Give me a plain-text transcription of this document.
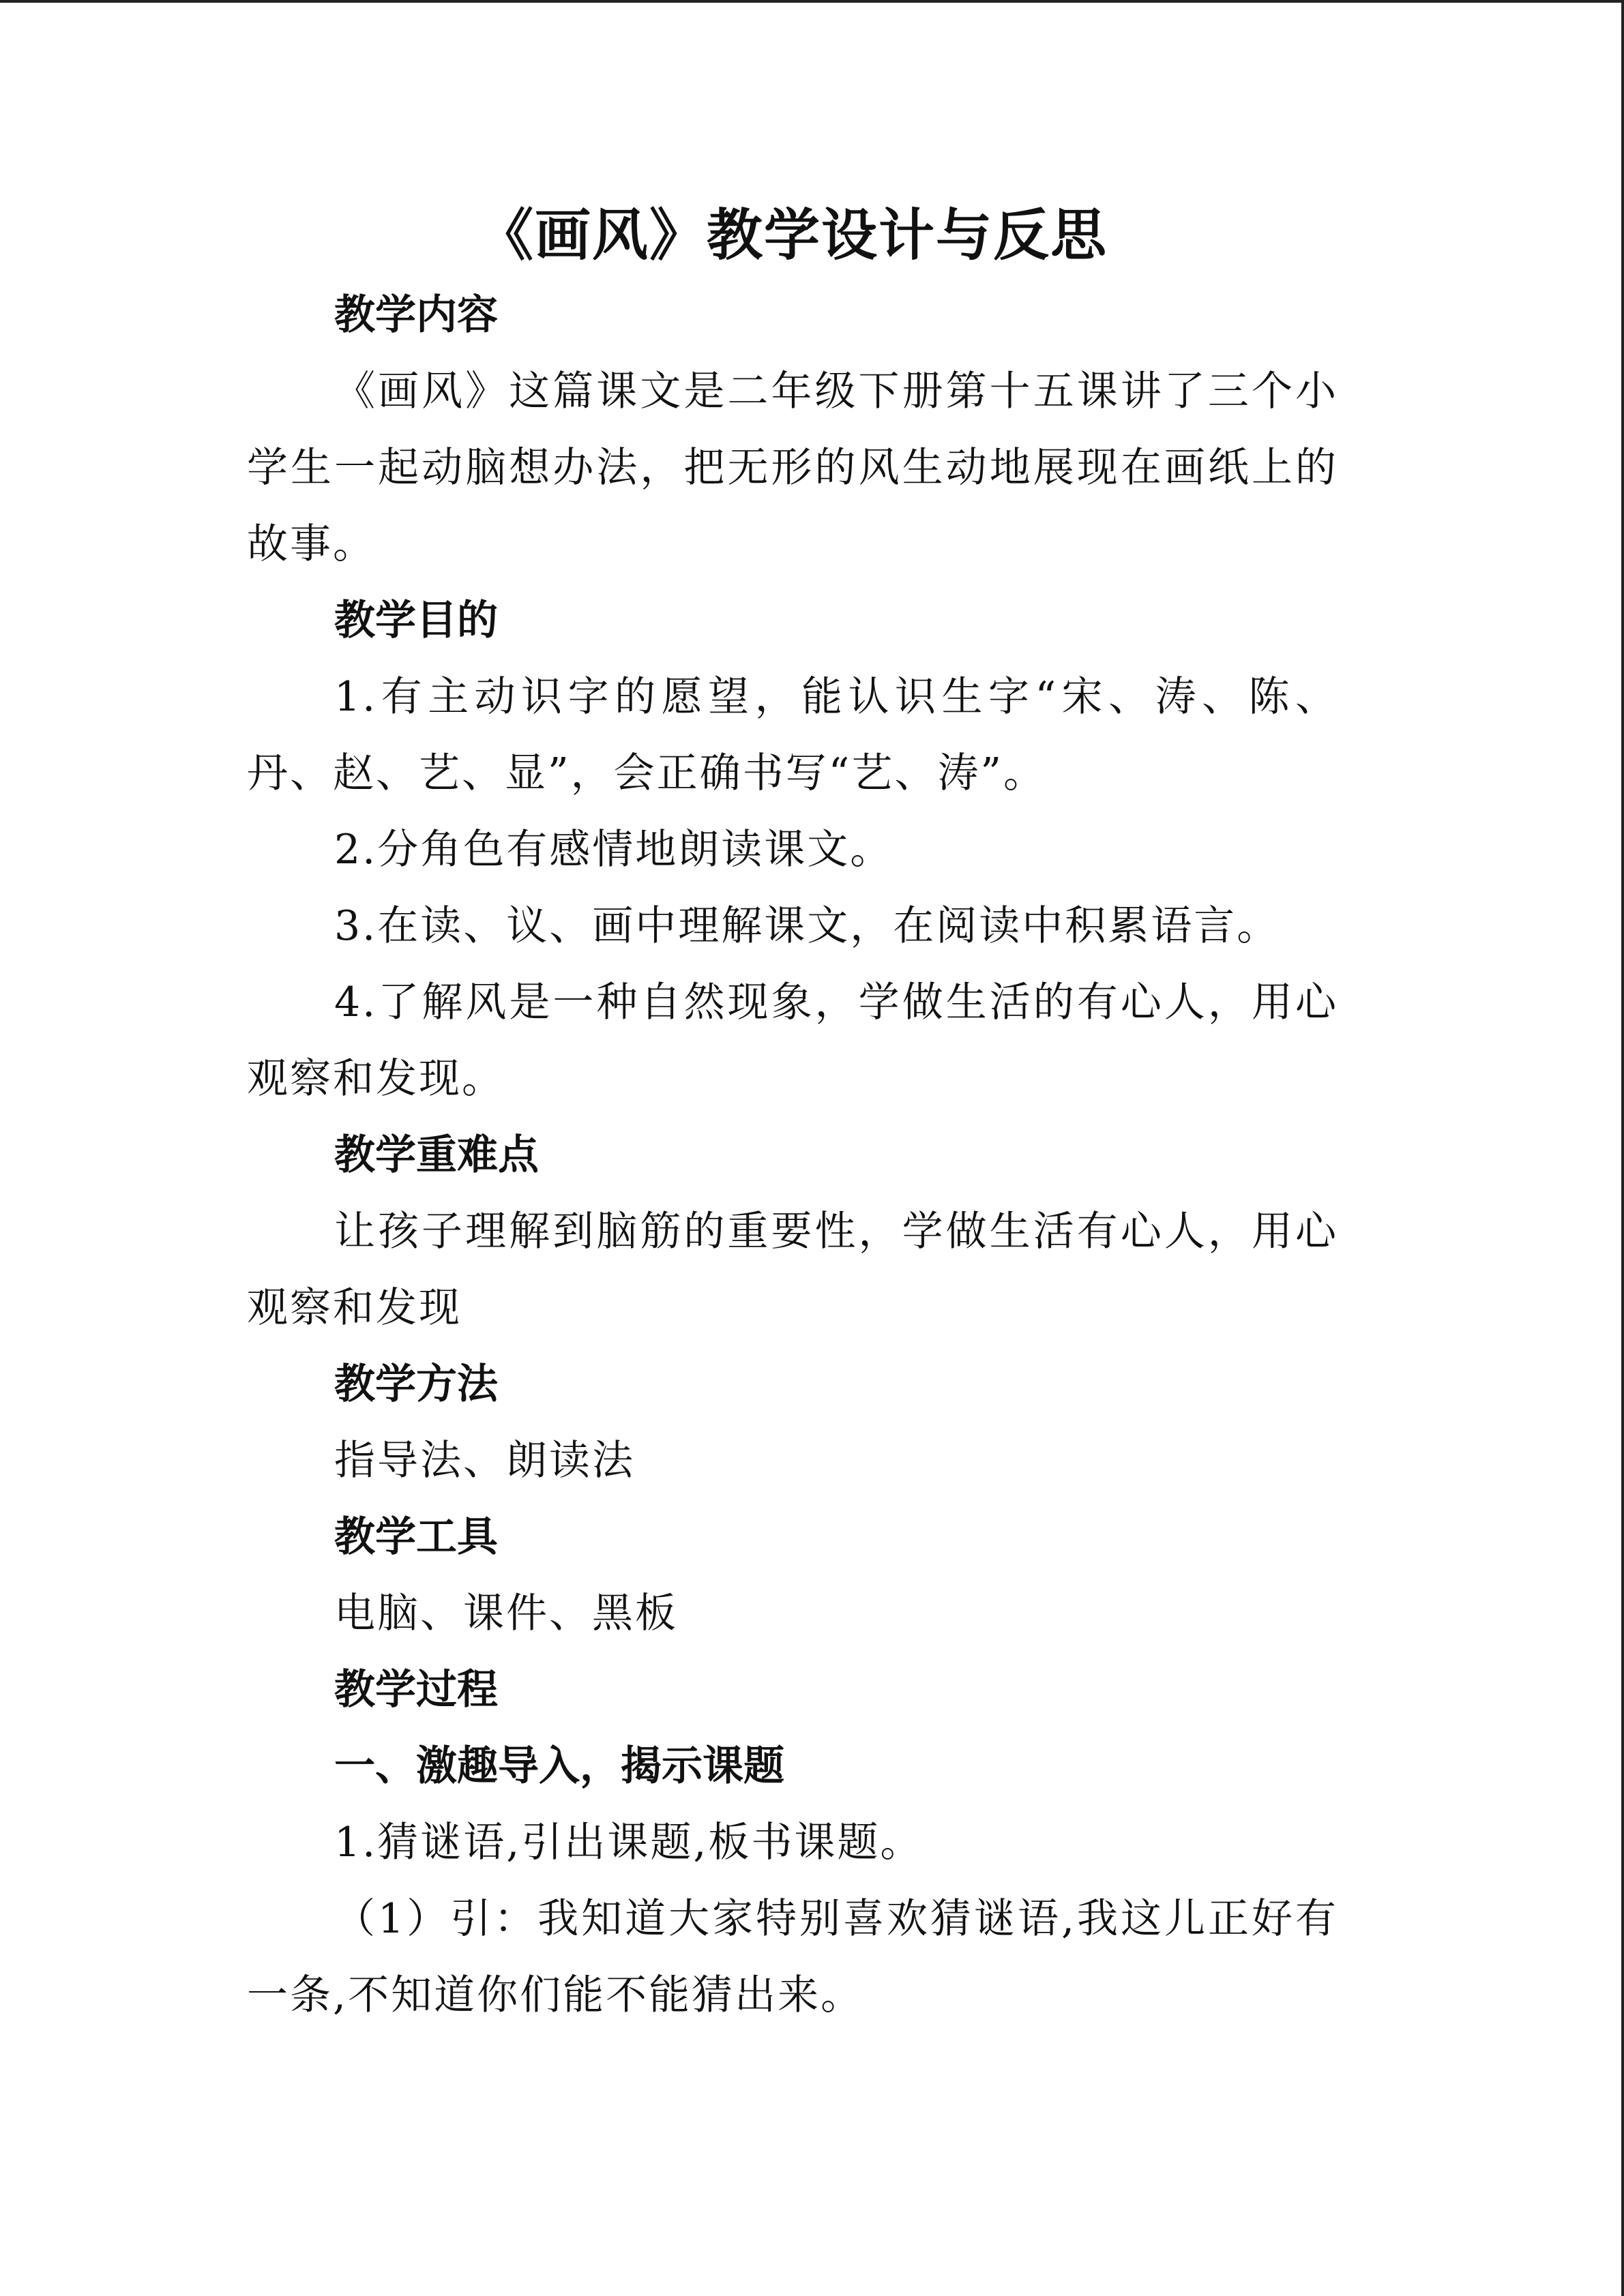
《画风》教学设计与反思
教学内容

《画风》这篇课文是二年级下册第十五课讲了三个小学生一起动脑想办法，把无形的风生动地展现在画纸上的故事。

教学目的

1.有主动识字的愿望，能认识生字“宋、涛、陈、丹、赵、艺、显”，会正确书写“艺、涛”。

2.分角色有感情地朗读课文。

3.在读、议、画中理解课文，在阅读中积累语言。

4.了解风是一种自然现象，学做生活的有心人，用心观察和发现。

教学重难点

让孩子理解到脑筋的重要性，学做生活有心人，用心观察和发现

教学方法

指导法、朗读法

教学工具

电脑、课件、黑板

教学过程
一、激趣导入，揭示课题

1.猜谜语,引出课题,板书课题。

（1）引：我知道大家特别喜欢猜谜语,我这儿正好有一条,不知道你们能不能猜出来。
